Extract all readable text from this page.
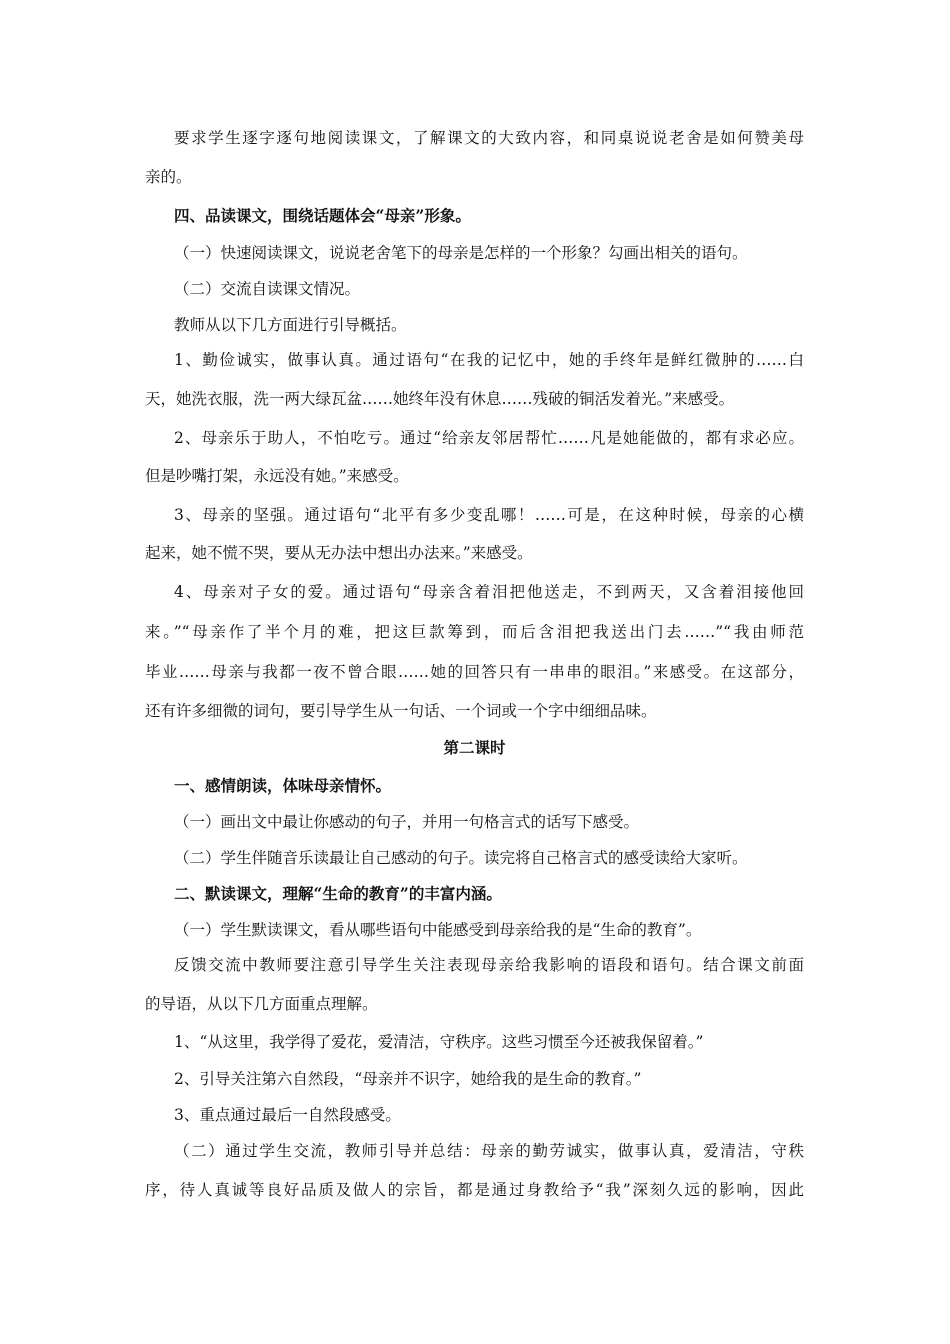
要求学生逐字逐句地阅读课文，了解课文的大致内容，和同桌说说老舍是如何赞美母
亲的。
四、品读课文，围绕话题体会“母亲”形象。
（一）快速阅读课文，说说老舍笔下的母亲是怎样的一个形象？勾画出相关的语句。
（二）交流自读课文情况。
教师从以下几方面进行引导概括。
1、勤俭诚实，做事认真。通过语句“在我的记忆中，她的手终年是鲜红微肿的……白
天，她洗衣服，洗一两大绿瓦盆……她终年没有休息……残破的铜活发着光。”来感受。
2、母亲乐于助人，不怕吃亏。通过“给亲友邻居帮忙……凡是她能做的，都有求必应。
但是吵嘴打架，永远没有她。”来感受。
3、母亲的坚强。通过语句“北平有多少变乱哪！……可是，在这种时候，母亲的心横
起来，她不慌不哭，要从无办法中想出办法来。”来感受。
4、母亲对子女的爱。通过语句“母亲含着泪把他送走，不到两天，又含着泪接他回
来。”“母亲作了半个月的难，把这巨款筹到，而后含泪把我送出门去……”“我由师范
毕业……母亲与我都一夜不曾合眼……她的回答只有一串串的眼泪。”来感受。在这部分，
还有许多细微的词句，要引导学生从一句话、一个词或一个字中细细品味。
第二课时
一、感情朗读，体味母亲情怀。
（一）画出文中最让你感动的句子，并用一句格言式的话写下感受。
（二）学生伴随音乐读最让自己感动的句子。读完将自己格言式的感受读给大家听。
二、默读课文，理解“生命的教育”的丰富内涵。
（一）学生默读课文，看从哪些语句中能感受到母亲给我的是“生命的教育”。
反馈交流中教师要注意引导学生关注表现母亲给我影响的语段和语句。结合课文前面
的导语，从以下几方面重点理解。
1、“从这里，我学得了爱花，爱清洁，守秩序。这些习惯至今还被我保留着。”
2、引导关注第六自然段，“母亲并不识字，她给我的是生命的教育。”
3、重点通过最后一自然段感受。
（二）通过学生交流，教师引导并总结：母亲的勤劳诚实，做事认真，爱清洁，守秩
序，待人真诚等良好品质及做人的宗旨，都是通过身教给予“我”深刻久远的影响，因此
